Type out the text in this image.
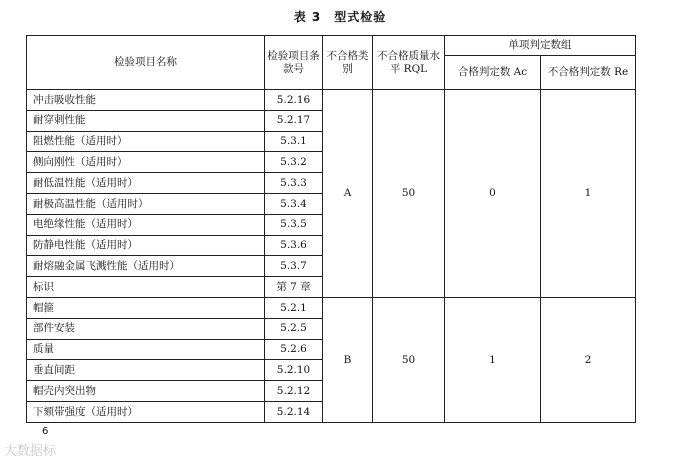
表 3　型式检验
检验项目名称	检验项目条款号	不合格类别	不合格质量水平 RQL	单项判定数组	
				合格判定数 Ac	不合格判定数 Re
冲击吸收性能	5.2.16	A	50	0	1
耐穿刺性能	5.2.17				
阻燃性能（适用时）	5.3.1				
侧向刚性（适用时）	5.3.2				
耐低温性能（适用时）	5.3.3				
耐极高温性能（适用时）	5.3.4				
电绝缘性能（适用时）	5.3.5				
防静电性能（适用时）	5.3.6				
耐熔融金属飞溅性能（适用时）	5.3.7				
标识	第 7 章				
帽箍	5.2.1	B	50	1	2
部件安装	5.2.5				
质量	5.2.6				
垂直间距	5.2.10				
帽壳内突出物	5.2.12				
下颏带强度（适用时）	5.2.14				
6
大数据标
